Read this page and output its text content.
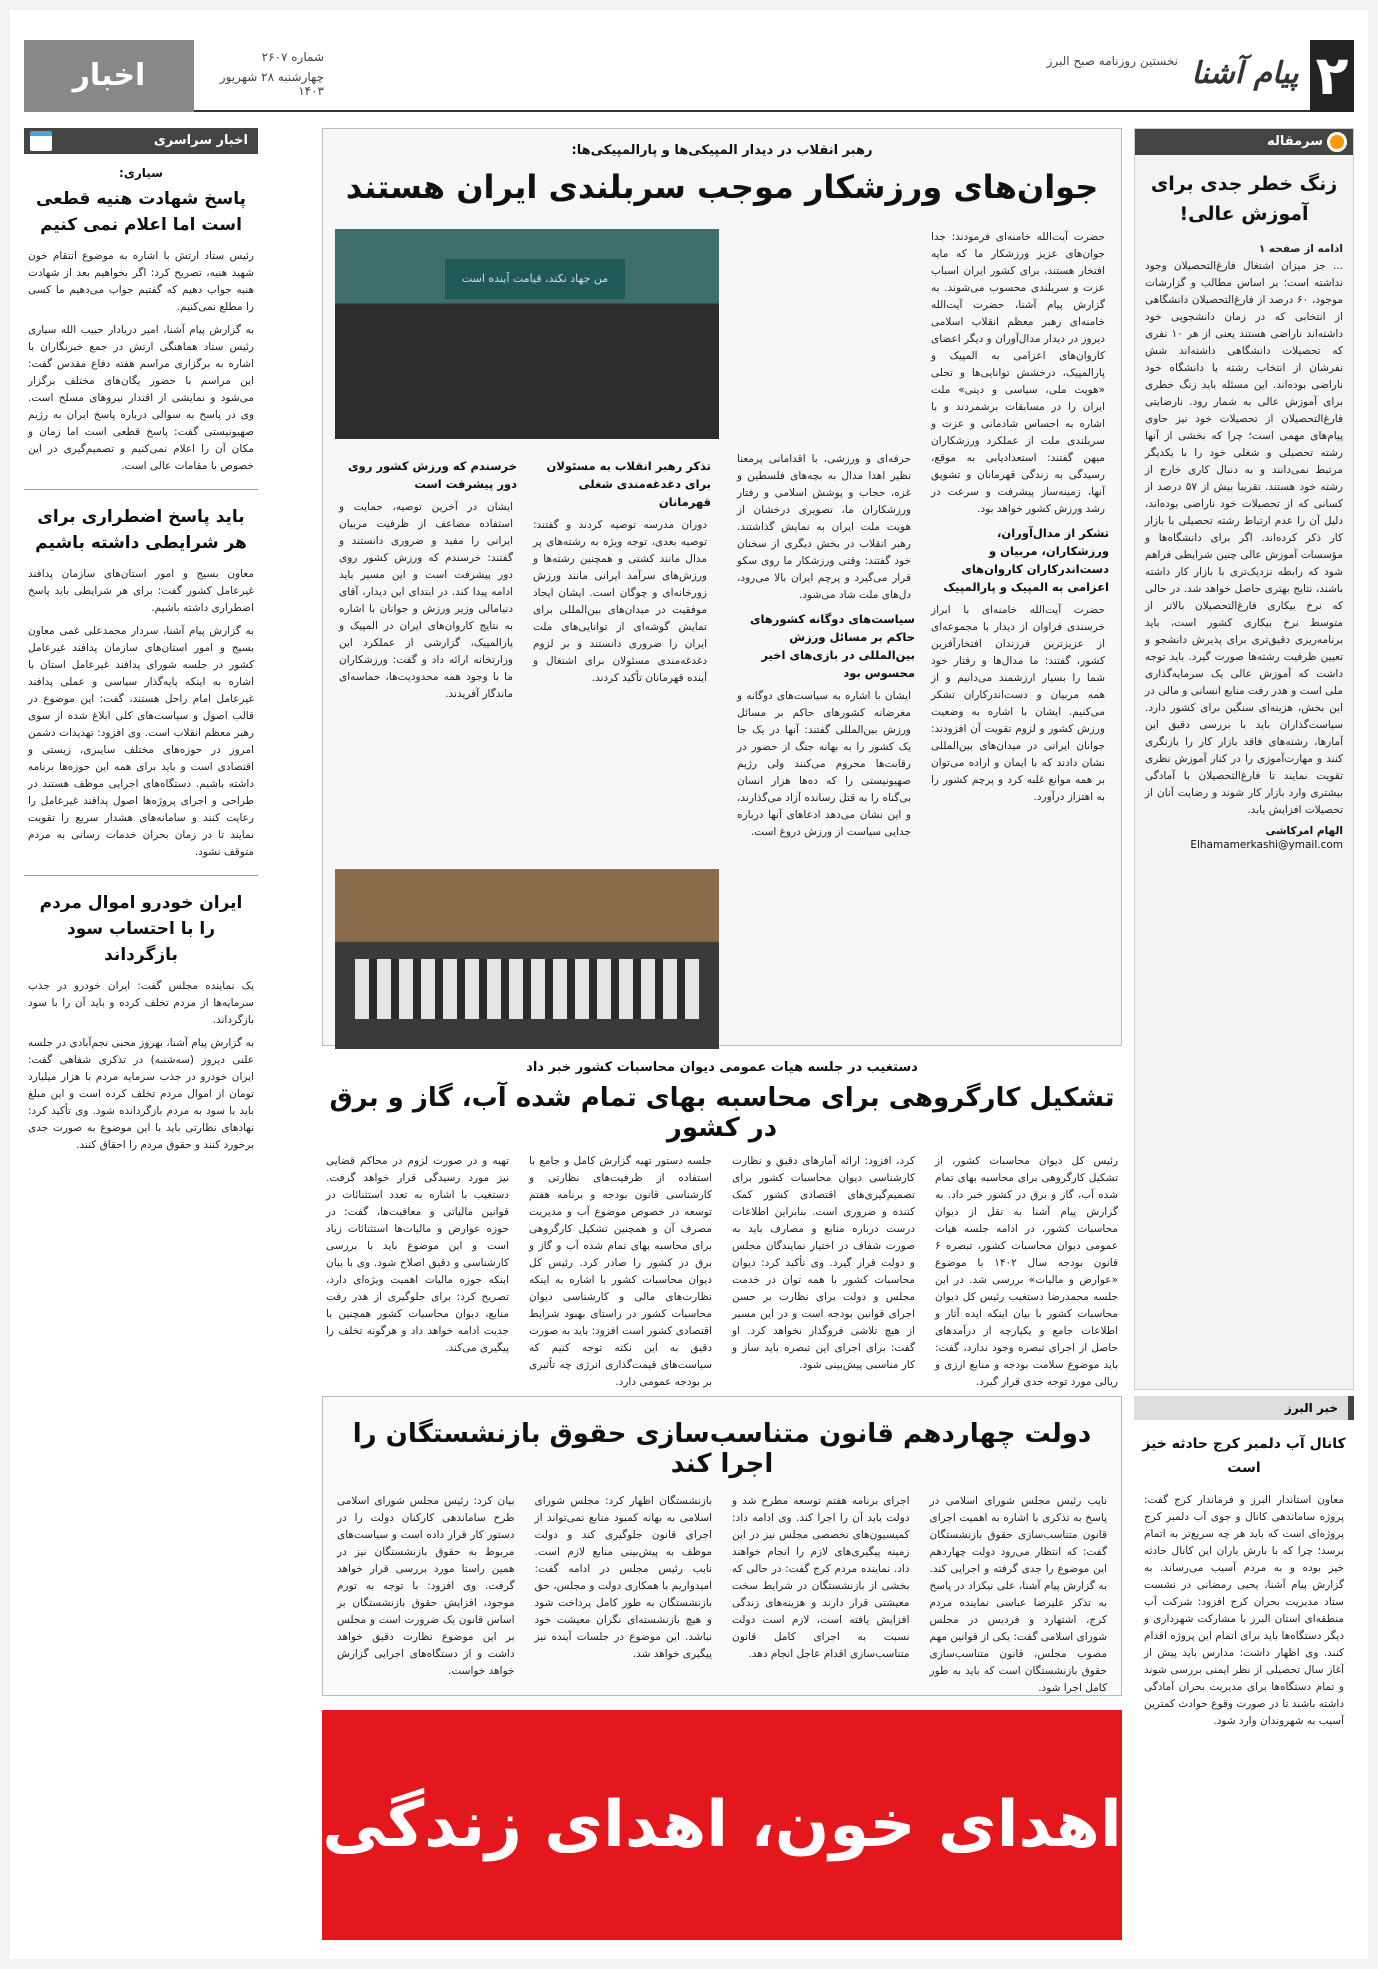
۲
پیام آشنا
نخستین روزنامه صبح البرز
شماره ۲۶۰۷
چهارشنبه ۲۸ شهریور ۱۴۰۳
اخبار
سرمقاله
زنگ خطر جدی برای آموزش عالی!
ادامه از صفحه ۱
... جز میزان اشتغال فارغ‌التحصیلان وجود نداشته است؛ بر اساس مطالب و گزارشات موجود، ۶۰ درصد از فارغ‌التحصیلان دانشگاهی از انتخابی که در زمان دانشجویی خود داشته‌اند ناراضی هستند یعنی از هر ۱۰ نفری که تحصیلات دانشگاهی داشته‌اند شش نفرشان از انتخاب رشته یا دانشگاه خود ناراضی بوده‌اند. این مسئله باید زنگ خطری برای آموزش عالی به شمار رود. نارضایتی فارغ‌التحصیلان از تحصیلات خود نیز حاوی پیام‌های مهمی است؛ چرا که بخشی از آنها رشته تحصیلی و شغلی خود را با یکدیگر مرتبط نمی‌دانند و به دنبال کاری خارج از رشته خود هستند. تقریبا بیش از ۵۷ درصد از کسانی که از تحصیلات خود ناراضی بوده‌اند، دلیل آن را عدم ارتباط رشته تحصیلی با بازار کار ذکر کرده‌اند. اگر برای دانشگاه‌ها و مؤسسات آموزش عالی چنین شرایطی فراهم شود که رابطه نزدیک‌تری با بازار کار داشته باشند، نتایج بهتری حاصل خواهد شد. در حالی که نرخ بیکاری فارغ‌التحصیلان بالاتر از متوسط نرخ بیکاری کشور است، باید برنامه‌ریزی دقیق‌تری برای پذیرش دانشجو و تعیین ظرفیت رشته‌ها صورت گیرد. باید توجه داشت که آموزش عالی یک سرمایه‌گذاری ملی است و هدر رفت منابع انسانی و مالی در این بخش، هزینه‌ای سنگین برای کشور دارد. سیاست‌گذاران باید با بررسی دقیق این آمارها، رشته‌های فاقد بازار کار را بازنگری کنند و مهارت‌آموزی را در کنار آموزش نظری تقویت نمایند تا فارغ‌التحصیلان با آمادگی بیشتری وارد بازار کار شوند و رضایت آنان از تحصیلات افزایش یابد.
الهام امرکاشی
Elhamamerkashi@ymail.com
خبر البرز
کانال آب دلمبر کرج حادثه خیز است
معاون استاندار البرز و فرماندار کرج گفت: پروژه ساماندهی کانال و جوی آب دلمبر کرج پروژه‌ای است که باید هر چه سریع‌تر به اتمام برسد؛ چرا که با بارش باران این کانال حادثه خیز بوده و به مردم آسیب می‌رساند. به گزارش پیام آشنا، یحیی رمضانی در نشست ستاد مدیریت بحران کرج افزود: شرکت آب منطقه‌ای استان البرز با مشارکت شهرداری و دیگر دستگاه‌ها باید برای اتمام این پروژه اقدام کنند. وی اظهار داشت: مدارس باید پیش از آغاز سال تحصیلی از نظر ایمنی بررسی شوند و تمام دستگاه‌ها برای مدیریت بحران آمادگی داشته باشند تا در صورت وقوع حوادث کمترین آسیب به شهروندان وارد شود.
رهبر انقلاب در دیدار المپیکی‌ها و پارالمپیکی‌ها:
جوان‌های ورزشکار موجب سربلندی ایران هستند
حضرت آیت‌الله خامنه‌ای فرمودند: جدا جوان‌های عزیز ورزشکار ما که مایه افتخار هستند، برای کشور ایران اسباب عزت و سربلندی محسوب می‌شوند. به گزارش پیام آشنا، حضرت آیت‌الله خامنه‌ای رهبر معظم انقلاب اسلامی دیروز در دیدار مدال‌آوران و دیگر اعضای کاروان‌های اعزامی به المپیک و پارالمپیک، درخشش توانایی‌ها و تجلی «هویت ملی، سیاسی و دینی» ملت ایران را در مسابقات برشمردند و با اشاره به احساس شادمانی و عزت و سربلندی ملت از عملکرد ورزشکاران میهن گفتند: استعدادیابی به موقع، رسیدگی به زندگی قهرمانان و تشویق آنها، زمینه‌ساز پیشرفت و سرعت در رشد ورزش کشور خواهد بود.
تشکر از مدال‌آوران، ورزشکاران، مربیان و دست‌اندرکاران کاروان‌های اعزامی به المپیک و پارالمپیک
حضرت آیت‌الله خامنه‌ای با ابراز خرسندی فراوان از دیدار با مجموعه‌ای از عزیزترین فرزندان افتخارآفرین کشور، گفتند: ما مدال‌ها و رفتار خود شما را بسیار ارزشمند می‌دانیم و از همه مربیان و دست‌اندرکاران تشکر می‌کنیم. ایشان با اشاره به وضعیت ورزش کشور و لزوم تقویت آن افزودند: جوانان ایرانی در میدان‌های بین‌المللی نشان دادند که با ایمان و اراده می‌توان بر همه موانع غلبه کرد و پرچم کشور را به اهتزاز درآورد.
من جهاد نکند، قیامت آینده است
حرفه‌ای و ورزشی، با اقدامانی پرمعنا نظیر اهدا مدال به بچه‌های فلسطین و غزه، حجاب و پوشش اسلامی و رفتار ورزشکاران ما، تصویری درخشان از هویت ملت ایران به نمایش گذاشتند. رهبر انقلاب در بخش دیگری از سخنان خود گفتند: وقتی ورزشکار ما روی سکو قرار می‌گیرد و پرچم ایران بالا می‌رود، دل‌های ملت شاد می‌شود.
سیاست‌های دوگانه کشورهای حاکم بر مسائل ورزش بین‌المللی در بازی‌های اخیر محسوس بود
ایشان با اشاره به سیاست‌های دوگانه و مغرضانه کشورهای حاکم بر مسائل ورزش بین‌المللی گفتند: آنها در یک جا یک کشور را به بهانه جنگ از حضور در رقابت‌ها محروم می‌کنند ولی رژیم صهیونیستی را که ده‌ها هزار انسان بی‌گناه را به قتل رسانده آزاد می‌گذارند، و این نشان می‌دهد ادعاهای آنها درباره جدایی سیاست از ورزش دروغ است.
تذکر رهبر انقلاب به مسئولان برای دغدغه‌مندی شغلی قهرمانان
دوران مدرسه توصیه کردند و گفتند: توصیه بعدی، توجه ویژه به رشته‌های پر مدال مانند کشتی و همچنین رشته‌ها و ورزش‌های سرآمد ایرانی مانند ورزش زورخانه‌ای و چوگان است. ایشان ایجاد موفقیت در میدان‌های بین‌المللی برای تمایش گوشه‌ای از توانایی‌های ملت ایران را ضروری دانستند و بر لزوم دغدغه‌مندی مسئولان برای اشتغال و آینده قهرمانان تأکید کردند.
خرسندم که ورزش کشور روی دور پیشرفت است
ایشان در آخرین توصیه، حمایت و استفاده مضاعف از ظرفیت مربیان ایرانی را مفید و ضروری دانستند و گفتند: خرسندم که ورزش کشور روی دور پیشرفت است و این مسیر باید ادامه پیدا کند. در ابتدای این دیدار، آقای دنیامالی وزیر ورزش و جوانان با اشاره به نتایج کاروان‌های ایران در المپیک و پارالمپیک، گزارشی از عملکرد این وزارتخانه ارائه داد و گفت: ورزشکاران ما با وجود همه محدودیت‌ها، حماسه‌ای ماندگار آفریدند.
دستغیب در جلسه هیات عمومی دیوان محاسبات کشور خبر داد
تشکیل کارگروهی برای محاسبه بهای تمام شده آب، گاز و برق در کشور
رئیس کل دیوان محاسبات کشور، از تشکیل کارگروهی برای محاسبه بهای تمام شده آب، گاز و برق در کشور خبر داد. به گزارش پیام آشنا به نقل از دیوان محاسبات کشور، در ادامه جلسه هیات عمومی دیوان محاسبات کشور، تبصره ۶ قانون بودجه سال ۱۴۰۲ با موضوع «عوارض و مالیات» بررسی شد. در این جلسه محمدرضا دستغیب رئیس کل دیوان محاسبات کشور با بیان اینکه ایده آثار و اطلاعات جامع و یکپارچه از درآمدهای حاصل از اجرای تبصره وجود ندارد، گفت: باید موضوع سلامت بودجه و منابع ارزی و ریالی مورد توجه جدی قرار گیرد.
کرد، افزود: ارائه آمارهای دقیق و نظارت کارشناسی دیوان محاسبات کشور برای تصمیم‌گیری‌های اقتصادی کشور کمک کننده و ضروری است. بنابراین اطلاعات درست درباره منابع و مصارف باید به صورت شفاف در اختیار نمایندگان مجلس و دولت قرار گیرد. وی تأکید کرد: دیوان محاسبات کشور با همه توان در خدمت مجلس و دولت برای نظارت بر حسن اجرای قوانین بودجه است و در این مسیر از هیچ تلاشی فروگذار نخواهد کرد. او گفت: برای اجرای این تبصره باید ساز و کار مناسبی پیش‌بینی شود.
جلسه دستور تهیه گزارش کامل و جامع با استفاده از ظرفیت‌های نظارتی و کارشناسی قانون بودجه و برنامه هفتم توسعه در خصوص موضوع آب و مدیریت مصرف آن و همچنین تشکیل کارگروهی برای محاسبه بهای تمام شده آب و گاز و برق در کشور را صادر کرد. رئیس کل دیوان محاسبات کشور با اشاره به اینکه نظارت‌های مالی و کارشناسی دیوان محاسبات کشور در راستای بهبود شرایط اقتصادی کشور است افزود: باید به صورت دقیق به این نکته توجه کنیم که سیاست‌های قیمت‌گذاری انرژی چه تأثیری بر بودجه عمومی دارد.
تهیه و در صورت لزوم در محاکم قضایی نیز مورد رسیدگی قرار خواهد گرفت. دستغیب با اشاره به تعدد استثنائات در قوانین مالیاتی و معافیت‌ها، گفت: در حوزه عوارض و مالیات‌ها استثنائات زیاد است و این موضوع باید با بررسی کارشناسی و دقیق اصلاح شود. وی با بیان اینکه حوزه مالیات اهمیت ویژه‌ای دارد، تصریح کرد: برای جلوگیری از هدر رفت منابع، دیوان محاسبات کشور همچنین با جدیت ادامه خواهد داد و هرگونه تخلف را پیگیری می‌کند.
دولت چهاردهم قانون متناسب‌سازی حقوق بازنشستگان را اجرا کند
نایب رئیس مجلس شورای اسلامی در پاسخ به تذکری با اشاره به اهمیت اجرای قانون متناسب‌سازی حقوق بازنشستگان گفت: که انتظار می‌رود دولت چهاردهم این موضوع را جدی گرفته و اجرایی کند. به گزارش پیام آشنا، علی نیکزاد در پاسخ به تذکر علیرضا عباسی نماینده مردم کرج، اشتهارد و فردیس در مجلس شورای اسلامی گفت: یکی از قوانین مهم مصوب مجلس، قانون متناسب‌سازی حقوق بازنشستگان است که باید به طور کامل اجرا شود.
اجرای برنامه هفتم توسعه مطرح شد و دولت باید آن را اجرا کند. وی ادامه داد: کمیسیون‌های تخصصی مجلس نیز در این زمینه پیگیری‌های لازم را انجام خواهند داد. نماینده مردم کرج گفت: در حالی که بخشی از بازنشستگان در شرایط سخت معیشتی قرار دارند و هزینه‌های زندگی افزایش یافته است، لازم است دولت نسبت به اجرای کامل قانون متناسب‌سازی اقدام عاجل انجام دهد.
بازنشستگان اظهار کرد: مجلس شورای اسلامی به بهانه کمبود منابع نمی‌تواند از اجرای قانون جلوگیری کند و دولت موظف به پیش‌بینی منابع لازم است. نایب رئیس مجلس در ادامه گفت: امیدواریم با همکاری دولت و مجلس، حق بازنشستگان به طور کامل پرداخت شود و هیچ بازنشسته‌ای نگران معیشت خود نباشد. این موضوع در جلسات آینده نیز پیگیری خواهد شد.
بیان کرد: رئیس مجلس شورای اسلامی طرح ساماندهی کارکنان دولت را در دستور کار قرار داده است و سیاست‌های مربوط به حقوق بازنشستگان نیز در همین راستا مورد بررسی قرار خواهد گرفت. وی افزود: با توجه به تورم موجود، افزایش حقوق بازنشستگان بر اساس قانون یک ضرورت است و مجلس بر این موضوع نظارت دقیق خواهد داشت و از دستگاه‌های اجرایی گزارش خواهد خواست.
اهدای خون، اهدای زندگی
اخبار سراسری
سیاری:
پاسخ شهادت هنیه قطعی است اما اعلام نمی کنیم
رئیس ستاد ارتش با اشاره به موضوع انتقام خون شهید هنیه، تصریح کرد: اگر بخواهیم بعد از شهادت هنیه جواب دهیم که گفتیم جواب می‌دهیم ما کسی را مطلع نمی‌کنیم.
به گزارش پیام آشنا، امیر دریادار حبیب الله سیاری رئیس ستاد هماهنگی ارتش در جمع خبرنگاران با اشاره به برگزاری مراسم هفته دفاع مقدس گفت: این مراسم با حضور یگان‌های مختلف برگزار می‌شود و نمایشی از اقتدار نیروهای مسلح است. وی در پاسخ به سوالی درباره پاسخ ایران به رژیم صهیونیستی گفت: پاسخ قطعی است اما زمان و مکان آن را اعلام نمی‌کنیم و تصمیم‌گیری در این خصوص با مقامات عالی است.
باید پاسخ اضطراری برای هر شرایطی داشته باشیم
معاون بسیج و امور استان‌های سازمان پدافند غیرعامل کشور گفت: برای هر شرایطی باید پاسخ اضطراری داشته باشیم.
به گزارش پیام آشنا، سردار محمدعلی غمی معاون بسیج و امور استان‌های سازمان پدافند غیرعامل کشور در جلسه شورای پدافند غیرعامل استان با اشاره به اینکه پایه‌گذار سیاسی و عملی پدافند غیرعامل امام راحل هستند، گفت: این موضوع در قالب اصول و سیاست‌های کلی ابلاغ شده از سوی رهبر معظم انقلاب است. وی افزود: تهدیدات دشمن امروز در حوزه‌های مختلف سایبری، زیستی و اقتصادی است و باید برای همه این حوزه‌ها برنامه داشته باشیم. دستگاه‌های اجرایی موظف هستند در طراحی و اجرای پروژه‌ها اصول پدافند غیرعامل را رعایت کنند و سامانه‌های هشدار سریع را تقویت نمایند تا در زمان بحران خدمات رسانی به مردم متوقف نشود.
ایران خودرو اموال مردم را با احتساب سود بازگرداند
یک نماینده مجلس گفت: ایران خودرو در جذب سرمایه‌ها از مردم تخلف کرده و باید آن را با سود بازگرداند.
به گزارش پیام آشنا، بهروز محبی نجم‌آبادی در جلسه علنی دیروز (سه‌شنبه) در تذکری شفاهی گفت: ایران خودرو در جذب سرمایه مردم با هزار میلیارد تومان از اموال مردم تخلف کرده است و این مبلغ باید با سود به مردم بازگردانده شود. وی تأکید کرد: نهادهای نظارتی باید با این موضوع به صورت جدی برخورد کنند و حقوق مردم را احقاق کنند.
